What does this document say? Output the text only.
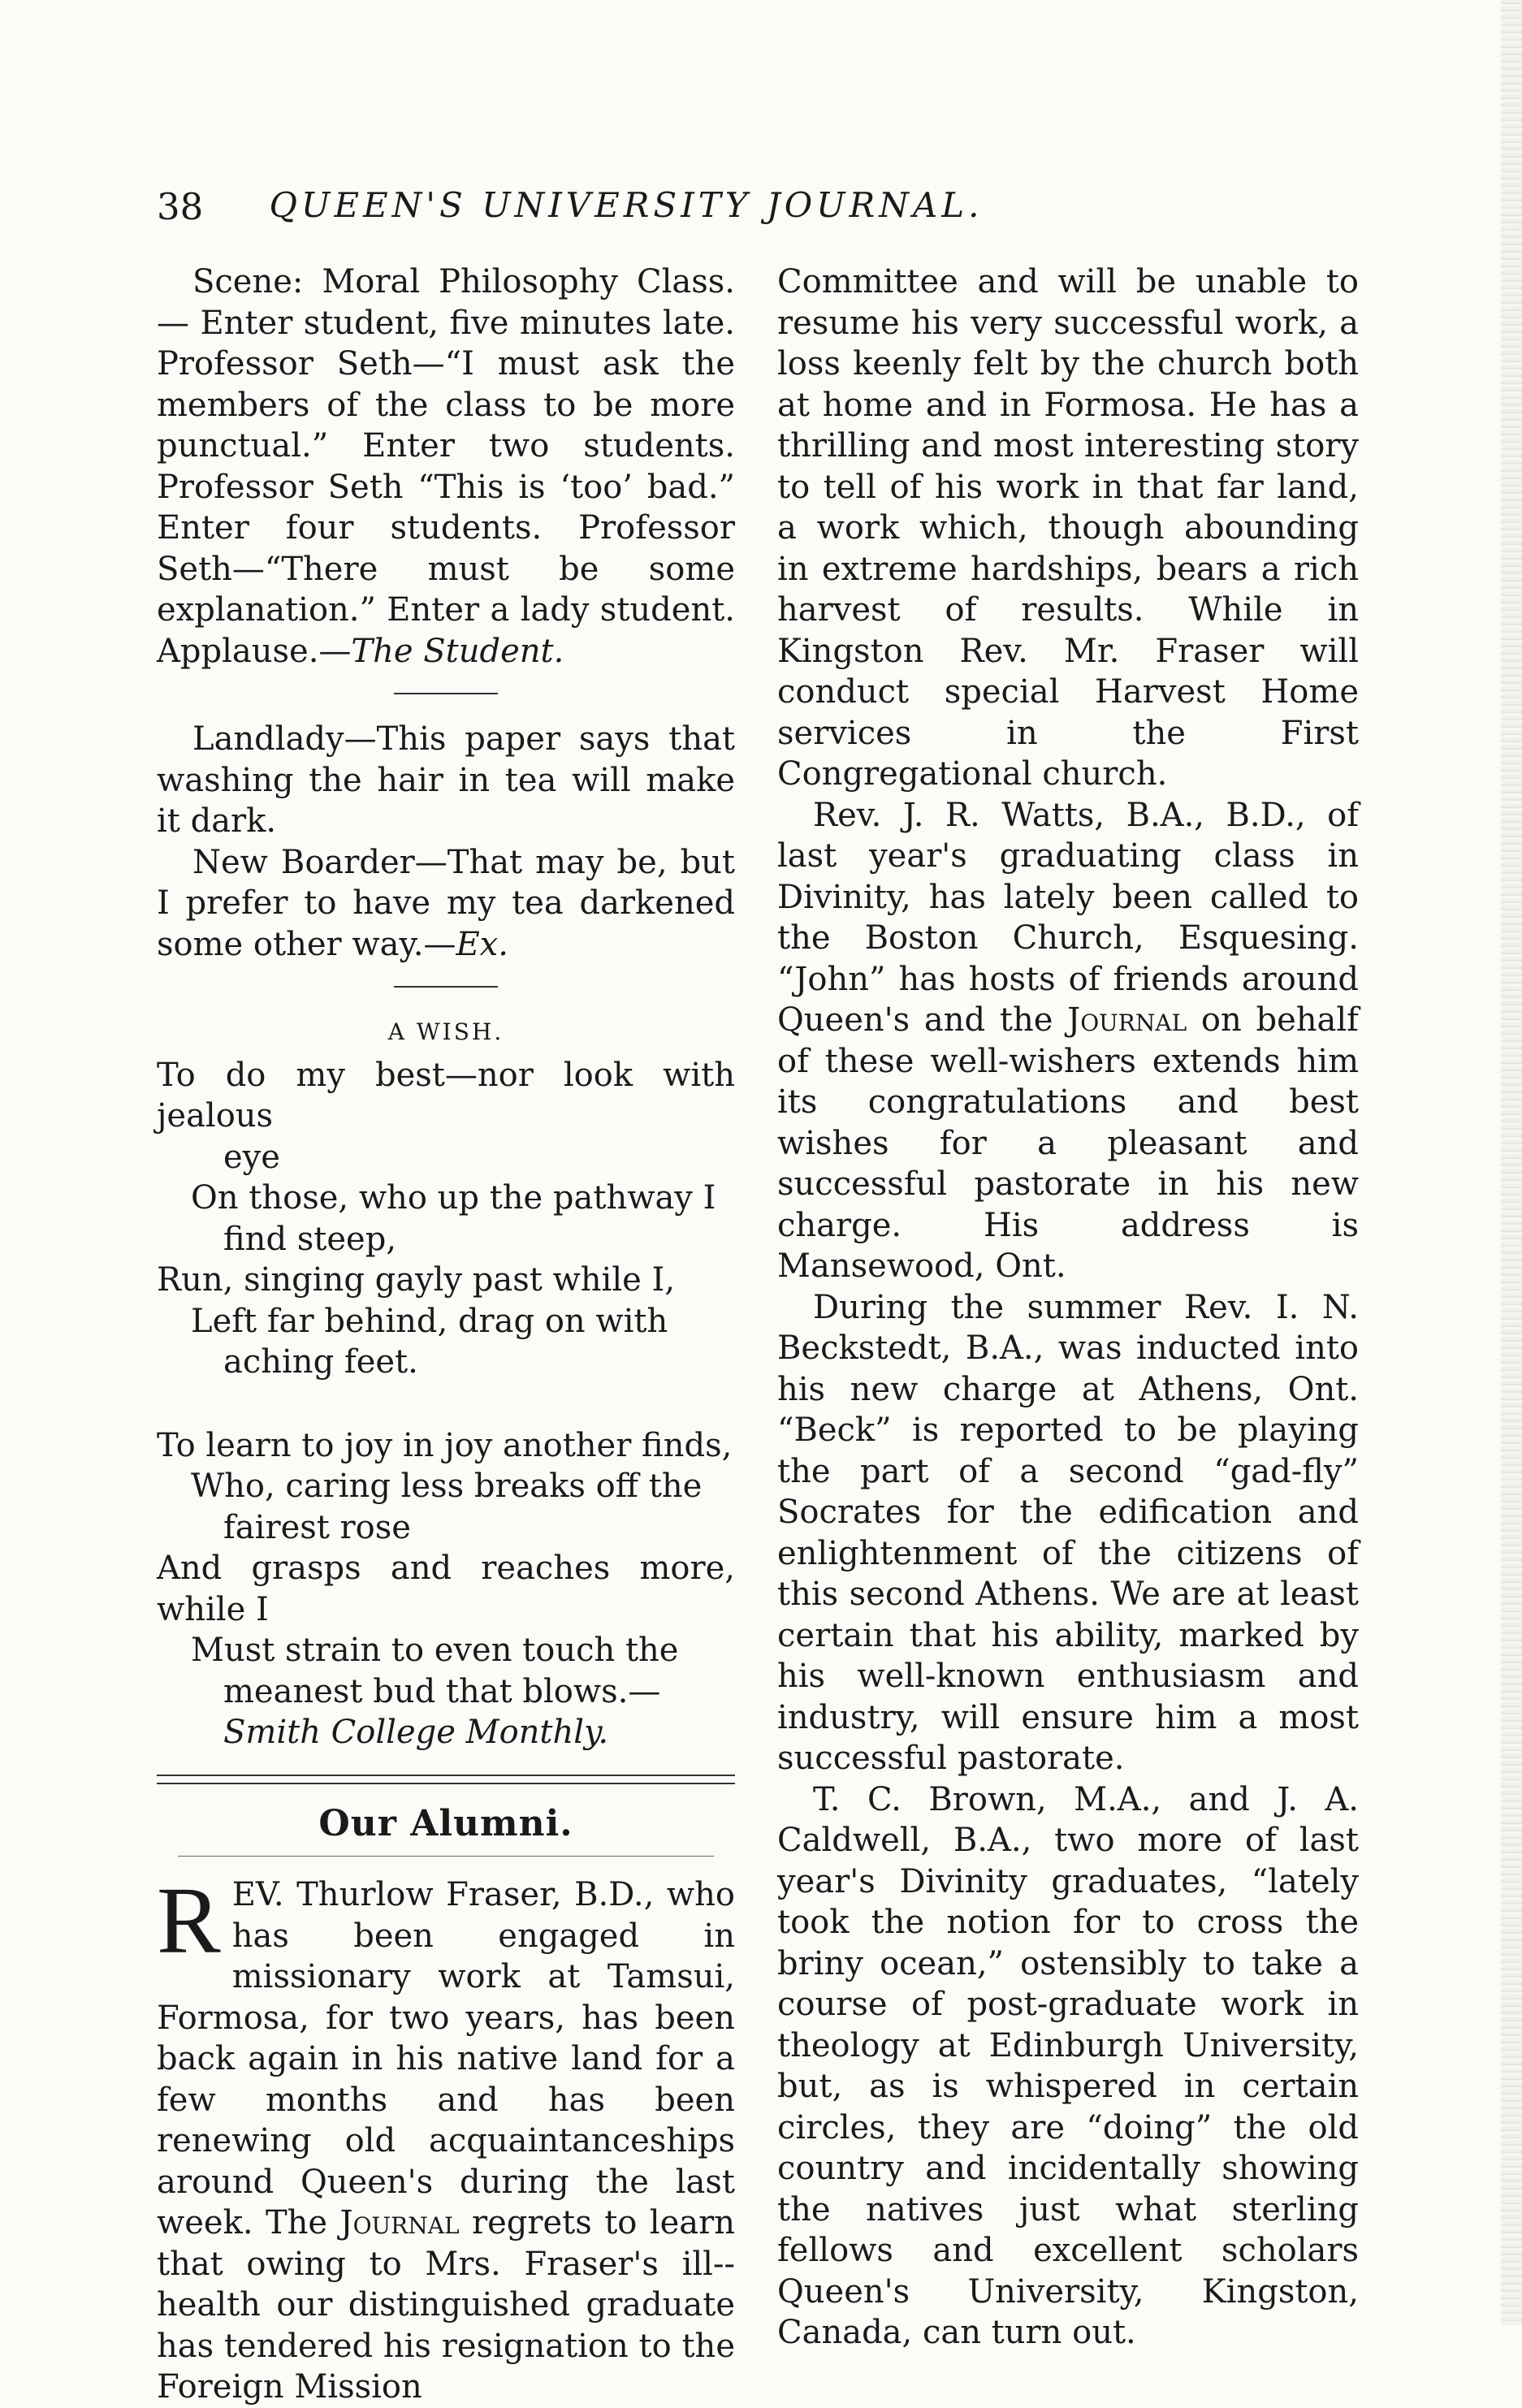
38	QUEEN'S UNIVERSITY JOURNAL.

Scene: Moral Philosophy Class.— Enter student, five minutes late. Professor Seth—“I must ask the members of the class to be more punctual.” Enter two students. Professor Seth “This is ‘too’ bad.” Enter four students. Professor Seth—“There must be some explanation.” Enter a lady student. Applause.—The Student.

Landlady—This paper says that washing the hair in tea will make it dark.

New Boarder—That may be, but I prefer to have my tea darkened some other way.—Ex.

A WISH.
To do my best—nor look with jealous
eye
On those, who up the pathway I
find steep,
Run, singing gayly past while I,
Left far behind, drag on with
aching feet.
To learn to joy in joy another finds,
Who, caring less breaks off the
fairest rose
And grasps and reaches more, while I
Must strain to even touch the
meanest bud that blows.—Smith College Monthly.
Our Alumni.

REV. Thurlow Fraser, B.D., who has been engaged in missionary work at Tamsui, Formosa, for two years, has been back again in his native land for a few months and has been renewing old acquaintanceships around Queen's during the last week. The Journal regrets to learn that owing to Mrs. Fraser's ill--health our distinguished graduate has tendered his resignation to the Foreign Mission

Committee and will be unable to resume his very successful work, a loss keenly felt by the church both at home and in Formosa. He has a thrilling and most interesting story to tell of his work in that far land, a work which, though abounding in extreme hardships, bears a rich harvest of results. While in Kingston Rev. Mr. Fraser will conduct special Harvest Home services in the First Congregational church.

Rev. J. R. Watts, B.A., B.D., of last year's graduating class in Divinity, has lately been called to the Boston Church, Esquesing. “John” has hosts of friends around Queen's and the Journal on behalf of these well-wishers extends him its congratulations and best wishes for a pleasant and successful pastorate in his new charge. His address is Mansewood, Ont.

During the summer Rev. I. N. Beckstedt, B.A., was inducted into his new charge at Athens, Ont. “Beck” is reported to be playing the part of a second “gad-fly” Socrates for the edification and enlightenment of the citizens of this second Athens. We are at least certain that his ability, marked by his well-known enthusiasm and industry, will ensure him a most successful pastorate.

T. C. Brown, M.A., and J. A. Caldwell, B.A., two more of last year's Divinity graduates, “lately took the notion for to cross the briny ocean,” ostensibly to take a course of post-graduate work in theology at Edinburgh University, but, as is whispered in certain circles, they are “doing” the old country and incidentally showing the natives just what sterling fellows and excellent scholars Queen's University, Kingston, Canada, can turn out.
